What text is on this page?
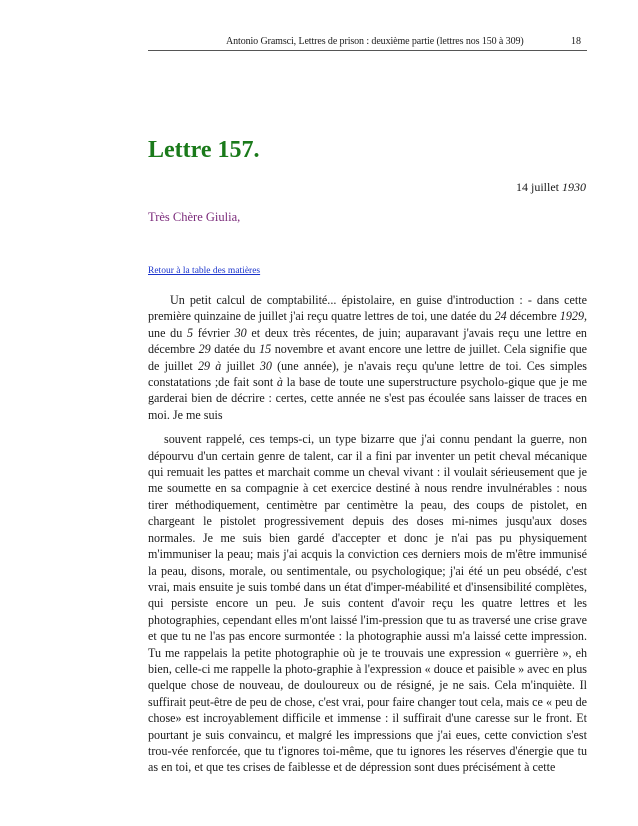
Antonio Gramsci, Lettres de prison : deuxième partie (lettres nos 150 à 309)	18
Lettre 157.
14 juillet 1930
Très Chère Giulia,
Retour à la table des matières

Un petit calcul de comptabilité... épistolaire, en guise d'introduction : - dans cette première quinzaine de juillet j'ai reçu quatre lettres de toi, une datée du 24 décembre 1929, une du 5 février 30 et deux très récentes, de juin; auparavant j'avais reçu une lettre en décembre 29 datée du 15 novembre et avant encore une lettre de juillet. Cela signifie que de juillet 29 à juillet 30 (une année), je n'avais reçu qu'une lettre de toi. Ces simples constatations ;de fait sont à la base de toute une superstructure psycholo-gique que je me garderai bien de décrire : certes, cette année ne s'est pas écoulée sans laisser de traces en moi. Je me suis

souvent rappelé, ces temps-ci, un type bizarre que j'ai connu pendant la guerre, non dépourvu d'un certain genre de talent, car il a fini par inventer un petit cheval mécanique qui remuait les pattes et marchait comme un cheval vivant : il voulait sérieusement que je me soumette en sa compagnie à cet exercice destiné à nous rendre invulnérables : nous tirer méthodiquement, centimètre par centimètre la peau, des coups de pistolet, en chargeant le pistolet progressivement depuis des doses mi-nimes jusqu'aux doses normales. Je me suis bien gardé d'accepter et donc je n'ai pas pu physiquement m'immuniser la peau; mais j'ai acquis la conviction ces derniers mois de m'être immunisé la peau, disons, morale, ou sentimentale, ou psychologique; j'ai été un peu obsédé, c'est vrai, mais ensuite je suis tombé dans un état d'imper-méabilité et d'insensibilité complètes, qui persiste encore un peu. Je suis content d'avoir reçu les quatre lettres et les photographies, cependant elles m'ont laissé l'im-pression que tu as traversé une crise grave et que tu ne l'as pas encore surmontée : la photographie aussi m'a laissé cette impression. Tu me rappelais la petite photographie où je te trouvais une expression « guerrière », eh bien, celle-ci me rappelle la photo-graphie à l'expression « douce et paisible » avec en plus quelque chose de nouveau, de douloureux ou de résigné, je ne sais. Cela m'inquiète. Il suffirait peut-être de peu de chose, c'est vrai, pour faire changer tout cela, mais ce « peu de chose» est incroyablement difficile et immense : il suffirait d'une caresse sur le front. Et pourtant je suis convaincu, et malgré les impressions que j'ai eues, cette conviction s'est trou-vée renforcée, que tu t'ignores toi-même, que tu ignores les réserves d'énergie que tu as en toi, et que tes crises de faiblesse et de dépression sont dues précisément à cette
